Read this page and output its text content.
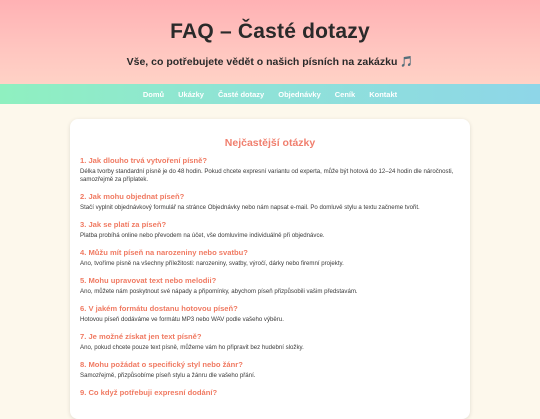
FAQ – Časté dotazy

Vše, co potřebujete vědět o našich písních na zakázku 🎵

Domů Ukázky Časté dotazy Objednávky Ceník Kontakt
Nejčastější otázky

1. Jak dlouho trvá vytvoření písně?

Délka tvorby standardní písně je do 48 hodin. Pokud chcete expresní variantu od experta, může být hotová do 12–24 hodin dle náročnosti, samozřejmě za příplatek.

2. Jak mohu objednat píseň?

Stačí vyplnit objednávkový formulář na stránce Objednávky nebo nám napsat e-mail. Po domluvě stylu a textu začneme tvořit.

3. Jak se platí za píseň?

Platba probíhá online nebo převodem na účet, vše domluvíme individuálně při objednávce.

4. Můžu mít píseň na narozeniny nebo svatbu?

Ano, tvoříme písně na všechny příležitosti: narozeniny, svatby, výročí, dárky nebo firemní projekty.

5. Mohu upravovat text nebo melodii?

Ano, můžete nám poskytnout své nápady a připomínky, abychom píseň přizpůsobili vašim představám.

6. V jakém formátu dostanu hotovou píseň?

Hotovou píseň dodáváme ve formátu MP3 nebo WAV podle vašeho výběru.

7. Je možné získat jen text písně?

Ano, pokud chcete pouze text písně, můžeme vám ho připravit bez hudební složky.

8. Mohu požádat o specifický styl nebo žánr?

Samozřejmě, přizpůsobíme píseň stylu a žánru dle vašeho přání.

9. Co když potřebuji expresní dodání?
